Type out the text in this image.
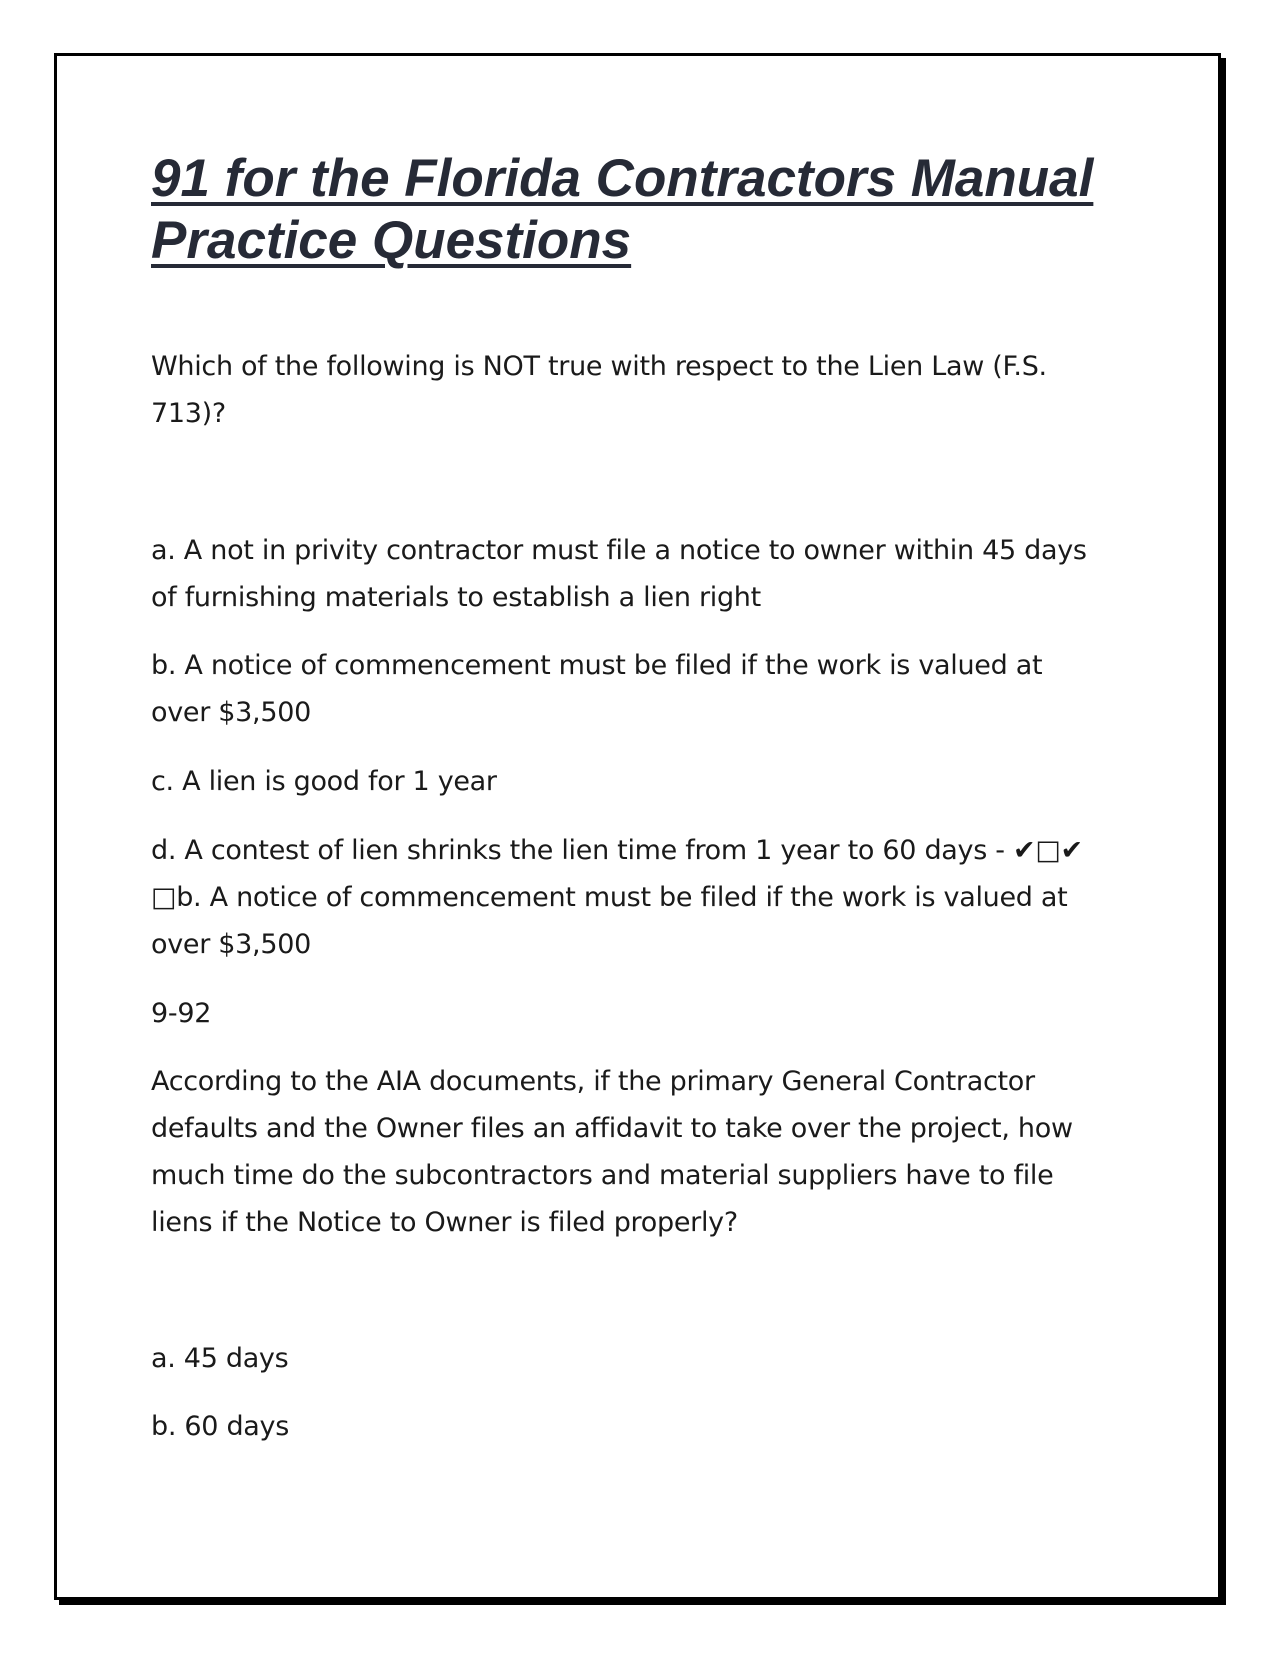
91 for the Florida Contractors Manual
Practice Questions

Which of the following is NOT true with respect to the Lien Law (F.S.

713)?

a. A not in privity contractor must file a notice to owner within 45 days

of furnishing materials to establish a lien right

b. A notice of commencement must be filed if the work is valued at

over $3,500

c. A lien is good for 1 year

d. A contest of lien shrinks the lien time from 1 year to 60 days - ✔□✔

□b. A notice of commencement must be filed if the work is valued at

over $3,500

9-92

According to the AIA documents, if the primary General Contractor

defaults and the Owner files an affidavit to take over the project, how

much time do the subcontractors and material suppliers have to file

liens if the Notice to Owner is filed properly?

a. 45 days

b. 60 days
